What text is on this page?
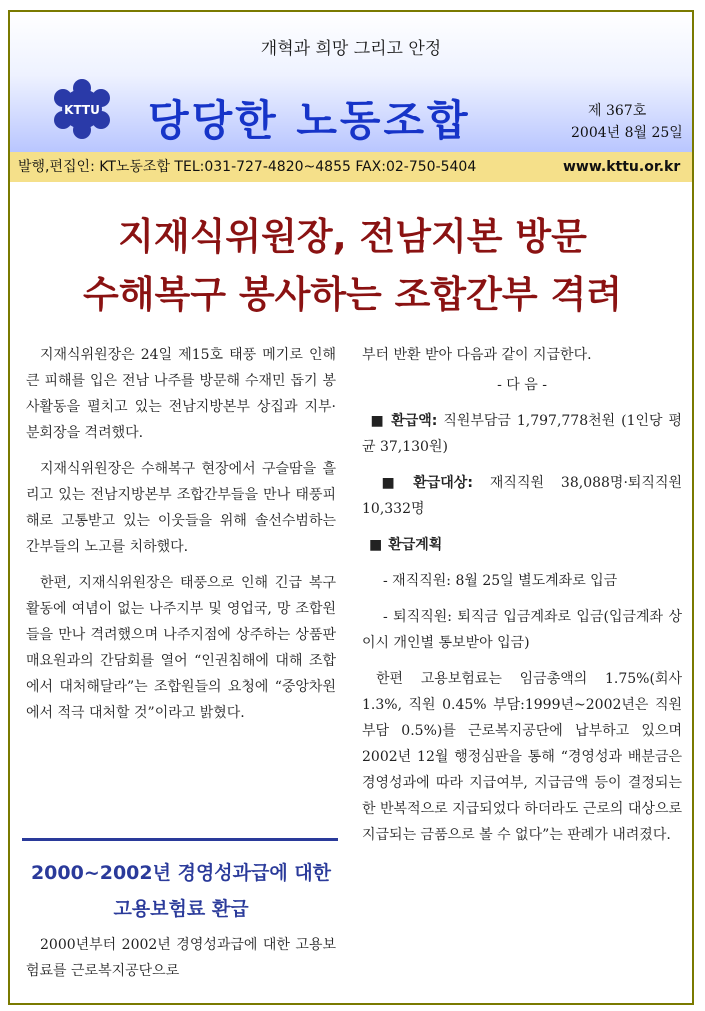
개혁과 희망 그리고 안정
KTTU 당당한 노동조합	제 367호
2004년 8월 25일
발행,편집인: KT노동조합 TEL:031-727-4820~4855 FAX:02-750-5404	www.kttu.or.kr
지재식위원장, 전남지본 방문
수해복구 봉사하는 조합간부 격려

 지재식위원장은 24일 제15호 태풍 메기로 인해 큰 피해를 입은 전남 나주를 방문해 수재민 돕기 봉사활동을 펼치고 있는 전남지방본부 상집과 지부·분회장을 격려했다.

 지재식위원장은 수해복구 현장에서 구슬땀을 흘리고 있는 전남지방본부 조합간부들을 만나 태풍피해로 고통받고 있는 이웃들을 위해 솔선수범하는 간부들의 노고를 치하했다.

 한편, 지재식위원장은 태풍으로 인해 긴급 복구활동에 여념이 없는 나주지부 및 영업국, 망 조합원들을 만나 격려했으며 나주지점에 상주하는 상품판매요원과의 간담회를 열어 “인권침해에 대해 조합에서 대처해달라”는 조합원들의 요청에 “중앙차원에서 적극 대처할 것”이라고 밝혔다.

2000~2002년 경영성과급에 대한
고용보험료 환급

 2000년부터 2002년 경영성과급에 대한 고용보험료를 근로복지공단으로

부터 반환 받아 다음과 같이 지급한다.

- 다 음 -

 ■ 환급액: 직원부담금 1,797,778천원 (1인당 평균 37,130원)

 ■ 환급대상: 재직직원 38,088명·퇴직직원 10,332명

 ■ 환급계획

  - 재직직원: 8월 25일 별도계좌로 입금

  - 퇴직직원: 퇴직금 입금계좌로 입금(입금계좌 상이시 개인별 통보받아 입금)

 한편 고용보험료는 임금총액의 1.75%(회사 1.3%, 직원 0.45% 부담:1999년~2002년은 직원부담 0.5%)를 근로복지공단에 납부하고 있으며 2002년 12월 행정심판을 통해 “경영성과 배분금은 경영성과에 따라 지급여부, 지급금액 등이 결정되는 한 반복적으로 지급되었다 하더라도 근로의 대상으로 지급되는 금품으로 볼 수 없다”는 판례가 내려졌다.
